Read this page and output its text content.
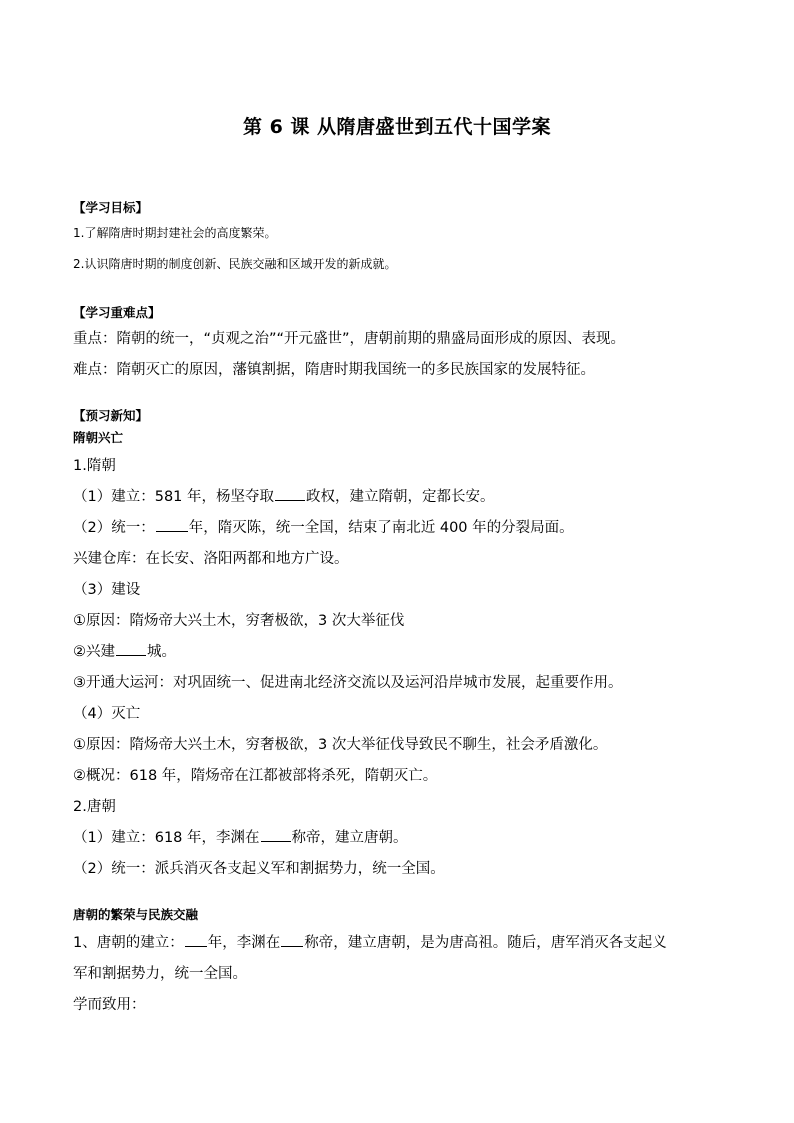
第 6 课 从隋唐盛世到五代十国学案
【学习目标】
1.了解隋唐时期封建社会的高度繁荣。
2.认识隋唐时期的制度创新、民族交融和区域开发的新成就。
【学习重难点】
重点：隋朝的统一，“贞观之治”“开元盛世”，唐朝前期的鼎盛局面形成的原因、表现。
难点：隋朝灭亡的原因，藩镇割据，隋唐时期我国统一的多民族国家的发展特征。
【预习新知】
隋朝兴亡
1.隋朝
（1）建立：581 年，杨坚夺取 政权，建立隋朝，定都长安。
（2）统一： 年，隋灭陈，统一全国，结束了南北近 400 年的分裂局面。
兴建仓库：在长安、洛阳两都和地方广设。
（3）建设
①原因：隋炀帝大兴土木，穷奢极欲，3 次大举征伐
②兴建 城。
③开通大运河：对巩固统一、促进南北经济交流以及运河沿岸城市发展，起重要作用。
（4）灭亡
①原因：隋炀帝大兴土木，穷奢极欲，3 次大举征伐导致民不聊生，社会矛盾激化。
②概况：618 年，隋炀帝在江都被部将杀死，隋朝灭亡。
2.唐朝
（1）建立：618 年，李渊在 称帝，建立唐朝。
（2）统一：派兵消灭各支起义军和割据势力，统一全国。
唐朝的繁荣与民族交融
1、唐朝的建立： 年，李渊在 称帝，建立唐朝，是为唐高祖。随后，唐军消灭各支起义
军和割据势力，统一全国。
学而致用：
